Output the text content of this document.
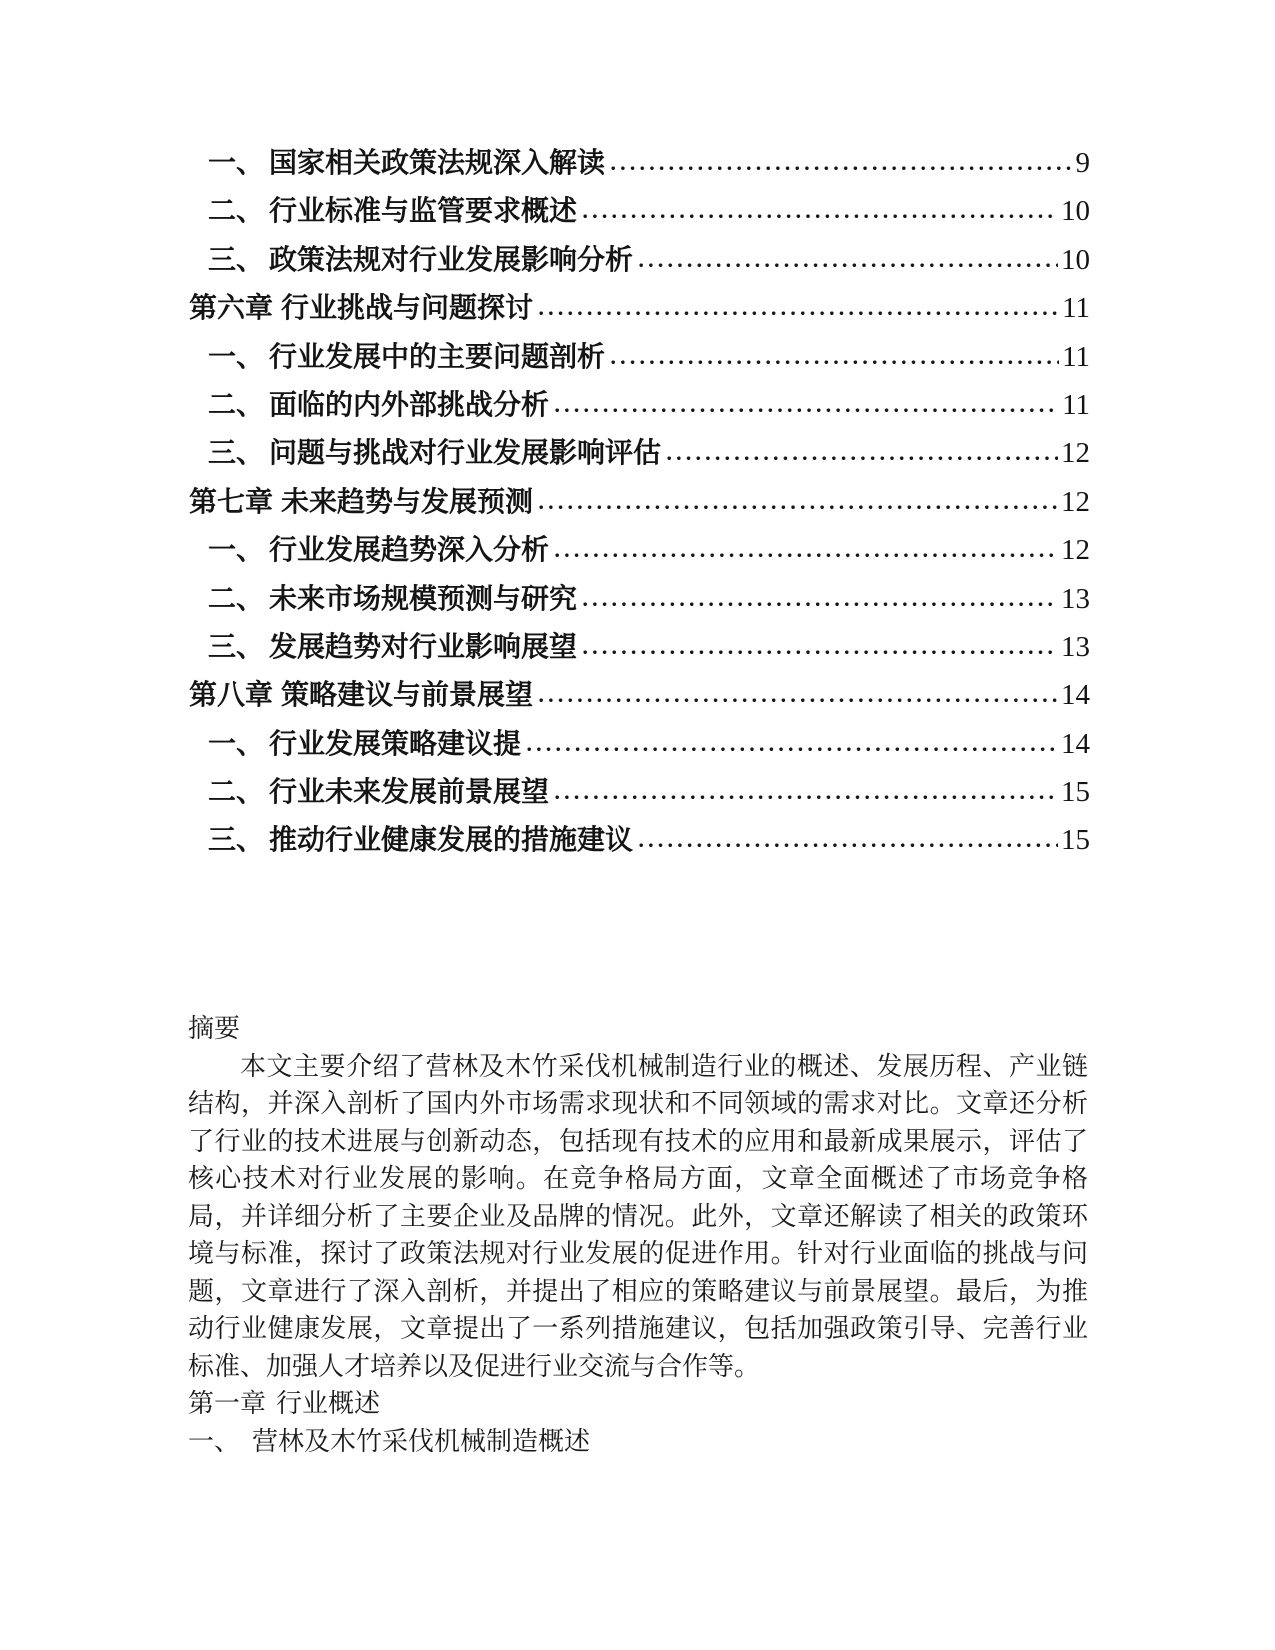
一、 国家相关政策法规深入解读	9
二、 行业标准与监管要求概述	10
三、 政策法规对行业发展影响分析	10
第六章 行业挑战与问题探讨	11
一、 行业发展中的主要问题剖析	11
二、 面临的内外部挑战分析	11
三、 问题与挑战对行业发展影响评估	12
第七章 未来趋势与发展预测	12
一、 行业发展趋势深入分析	12
二、 未来市场规模预测与研究	13
三、 发展趋势对行业影响展望	13
第八章 策略建议与前景展望	14
一、 行业发展策略建议提	14
二、 行业未来发展前景展望	15
三、 推动行业健康发展的措施建议	15
摘要

本文主要介绍了营林及木竹采伐机械制造行业的概述、发展历程、产业链结构，并深入剖析了国内外市场需求现状和不同领域的需求对比。文章还分析了行业的技术进展与创新动态，包括现有技术的应用和最新成果展示，评估了核心技术对行业发展的影响。在竞争格局方面，文章全面概述了市场竞争格局，并详细分析了主要企业及品牌的情况。此外，文章还解读了相关的政策环境与标准，探讨了政策法规对行业发展的促进作用。针对行业面临的挑战与问题，文章进行了深入剖析，并提出了相应的策略建议与前景展望。最后，为推动行业健康发展，文章提出了一系列措施建议，包括加强政策引导、完善行业标准、加强人才培养以及促进行业交流与合作等。

第一章 行业概述
一、 营林及木竹采伐机械制造概述
